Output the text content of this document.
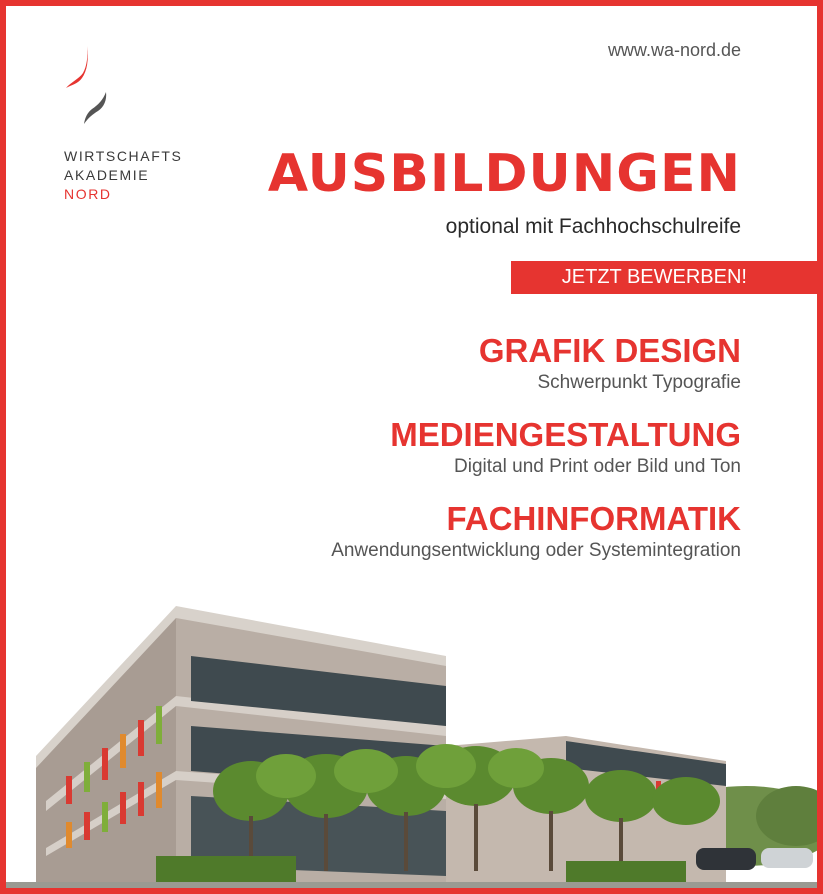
WIRTSCHAFTS
AKADEMIE
NORD
www.wa-nord.de
AUSBILDUNGEN
optional mit Fachhochschulreife
JETZT BEWERBEN!
GRAFIK DESIGN
Schwerpunkt Typografie
MEDIENGESTALTUNG
Digital und Print oder Bild und Ton
FACHINFORMATIK
Anwendungsentwicklung oder Systemintegration
